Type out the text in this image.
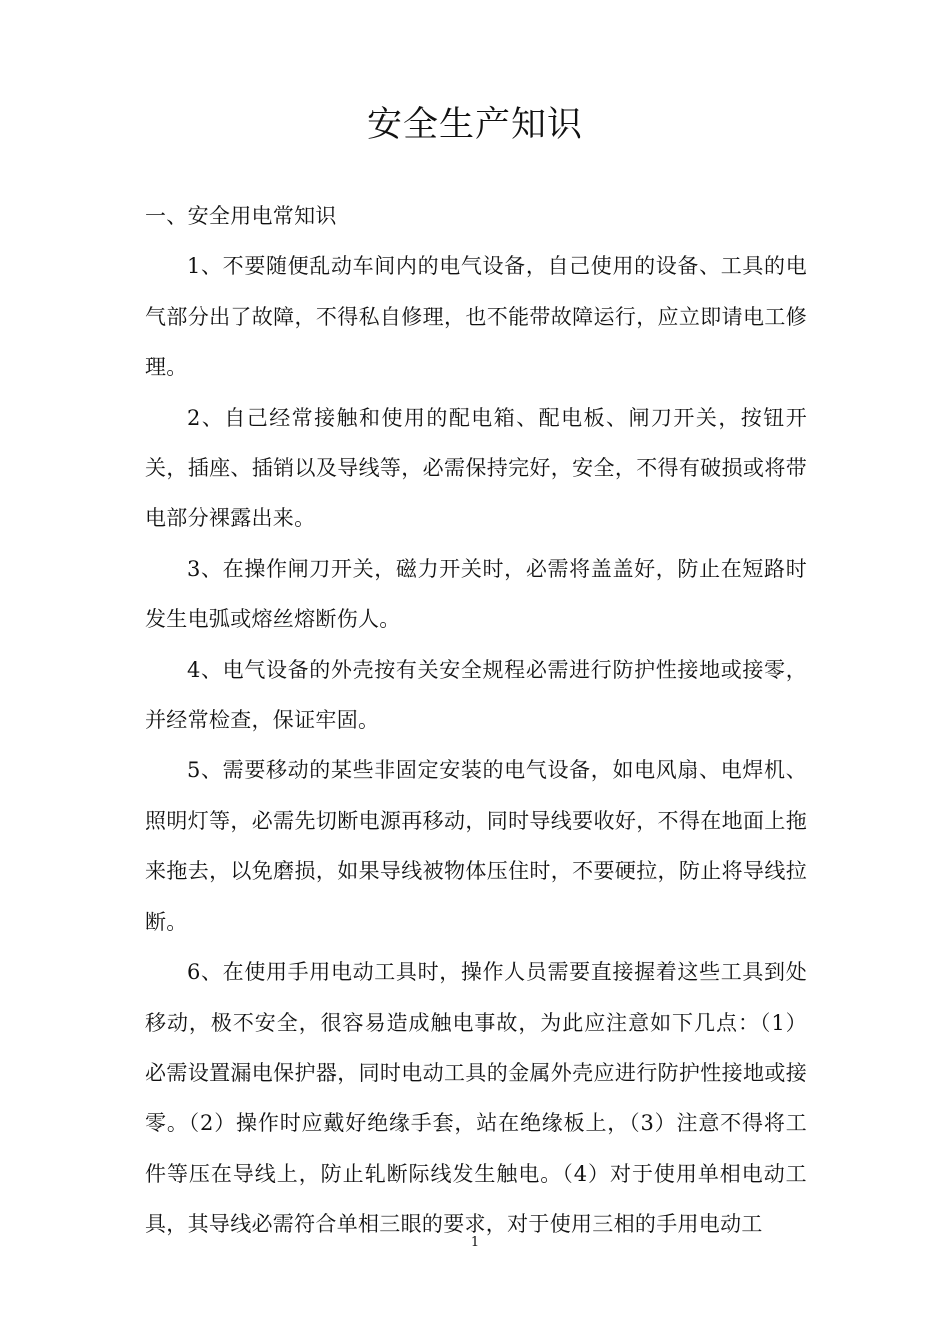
安全生产知识

一、安全用电常知识

1、不要随便乱动车间内的电气设备，自己使用的设备、工具的电气部分出了故障，不得私自修理，也不能带故障运行，应立即请电工修理。

2、自己经常接触和使用的配电箱、配电板、闸刀开关，按钮开关，插座、插销以及导线等，必需保持完好，安全，不得有破损或将带电部分裸露出来。

3、在操作闸刀开关，磁力开关时，必需将盖盖好，防止在短路时发生电弧或熔丝熔断伤人。

4、电气设备的外壳按有关安全规程必需进行防护性接地或接零，并经常检查，保证牢固。

5、需要移动的某些非固定安装的电气设备，如电风扇、电焊机、照明灯等，必需先切断电源再移动，同时导线要收好，不得在地面上拖来拖去，以免磨损，如果导线被物体压住时，不要硬拉，防止将导线拉断。

6、在使用手用电动工具时，操作人员需要直接握着这些工具到处移动，极不安全，很容易造成触电事故，为此应注意如下几点：（1）必需设置漏电保护器，同时电动工具的金属外壳应进行防护性接地或接零。（2）操作时应戴好绝缘手套，站在绝缘板上，（3）注意不得将工件等压在导线上，防止轧断际线发生触电。（4）对于使用单相电动工具，其导线必需符合单相三眼的要求，对于使用三相的手用电动工

1
